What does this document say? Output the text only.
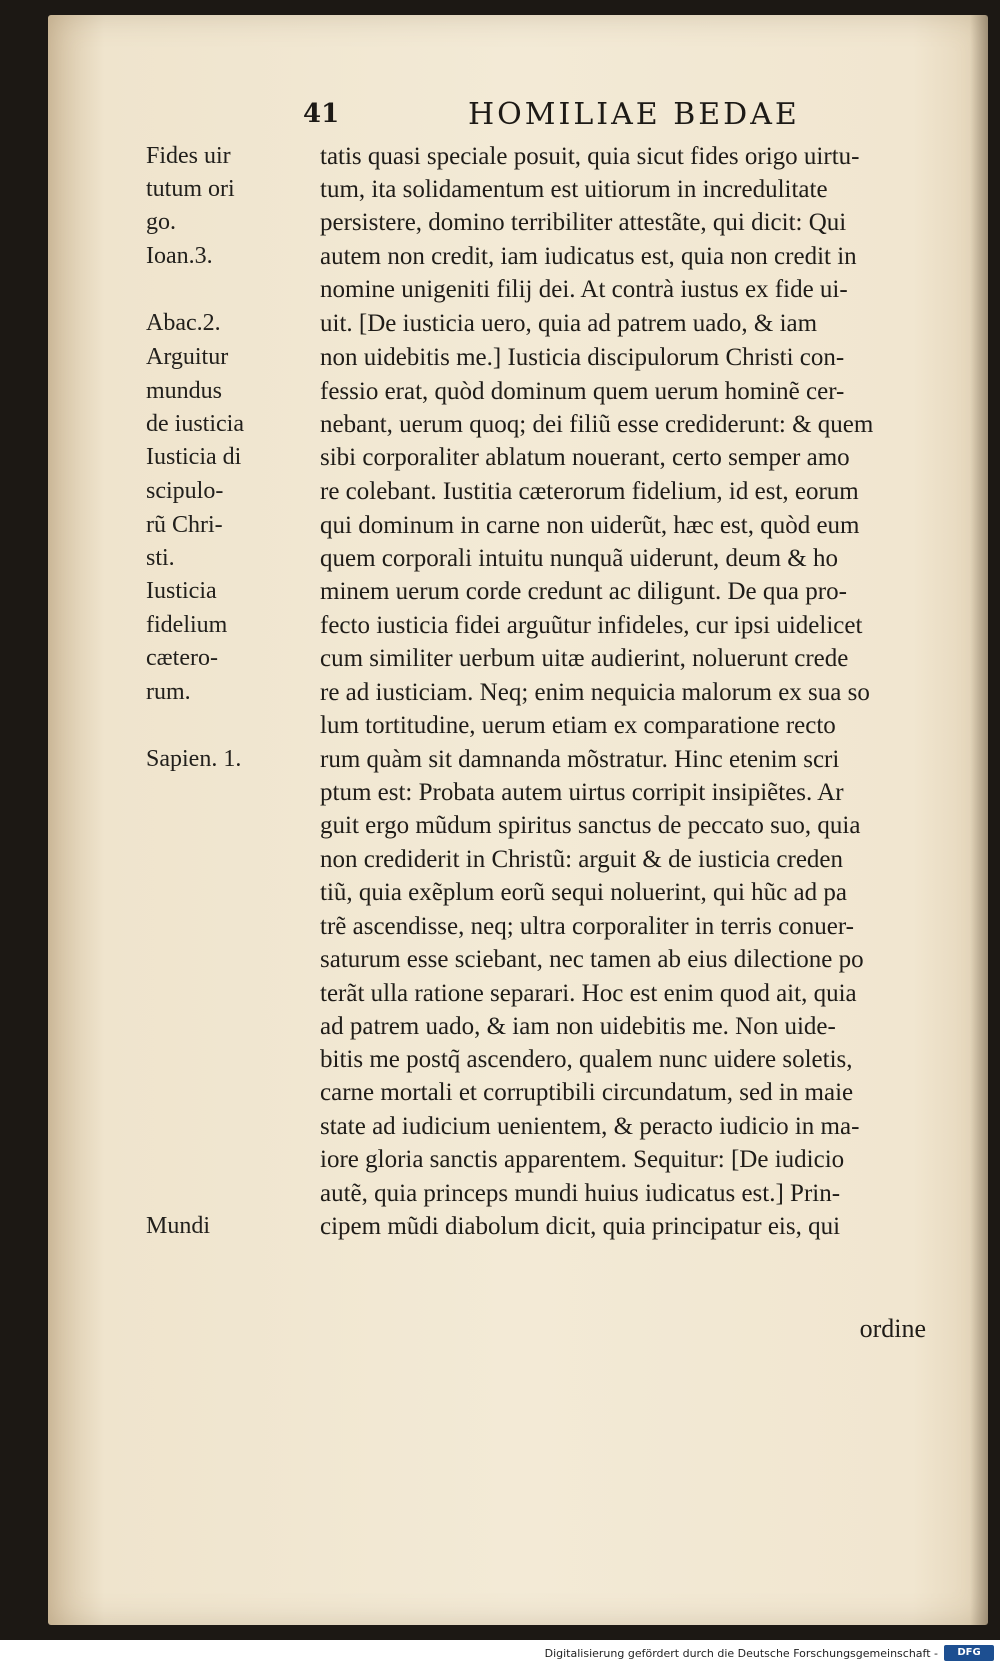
41	HOMILIAE BEDAE
Fides uir
tutum ori
go.
Ioan.3.
Abac.2.
Arguitur
mundus
de iusticia
Iusticia di
scipulo-
rũ Chri-
sti.
Iusticia
fidelium
cætero-
rum.
Sapien. 1.
Mundi
tatis quasi speciale posuit, quia sicut fides origo uirtu-
tum, ita solidamentum est uitiorum in incredulitate
persistere, domino terribiliter attestãte, qui dicit: Qui
autem non credit, iam iudicatus est, quia non credit in
nomine unigeniti filij dei. At contrà iustus ex fide ui-
uit. [De iusticia uero, quia ad patrem uado, & iam
non uidebitis me.] Iusticia discipulorum Christi con-
fessio erat, quòd dominum quem uerum hominẽ cer-
nebant, uerum quoq; dei filiũ esse crediderunt: & quem
sibi corporaliter ablatum nouerant, certo semper amo
re colebant. Iustitia cæterorum fidelium, id est, eorum
qui dominum in carne non uiderũt, hæc est, quòd eum
quem corporali intuitu nunquã uiderunt, deum & ho
minem uerum corde credunt ac diligunt. De qua pro-
fecto iusticia fidei arguũtur infideles, cur ipsi uidelicet
cum similiter uerbum uitæ audierint, noluerunt crede
re ad iusticiam. Neq; enim nequicia malorum ex sua so
lum tortitudine, uerum etiam ex comparatione recto
rum quàm sit damnanda mõstratur. Hinc etenim scri
ptum est: Probata autem uirtus corripit insipiẽtes. Ar
guit ergo mũdum spiritus sanctus de peccato suo, quia
non crediderit in Christũ: arguit & de iusticia creden
tiũ, quia exẽplum eorũ sequi noluerint, qui hũc ad pa
trẽ ascendisse, neq; ultra corporaliter in terris conuer-
saturum esse sciebant, nec tamen ab eius dilectione po
terãt ulla ratione separari. Hoc est enim quod ait, quia
ad patrem uado, & iam non uidebitis me. Non uide-
bitis me postq̃ ascendero, qualem nunc uidere soletis,
carne mortali et corruptibili circundatum, sed in maie
state ad iudicium uenientem, & peracto iudicio in ma-
iore gloria sanctis apparentem. Sequitur: [De iudicio
autẽ, quia princeps mundi huius iudicatus est.] Prin-
cipem mũdi diabolum dicit, quia principatur eis, qui
ordine
Digitalisierung gefördert durch die Deutsche Forschungsgemeinschaft -	DFG
